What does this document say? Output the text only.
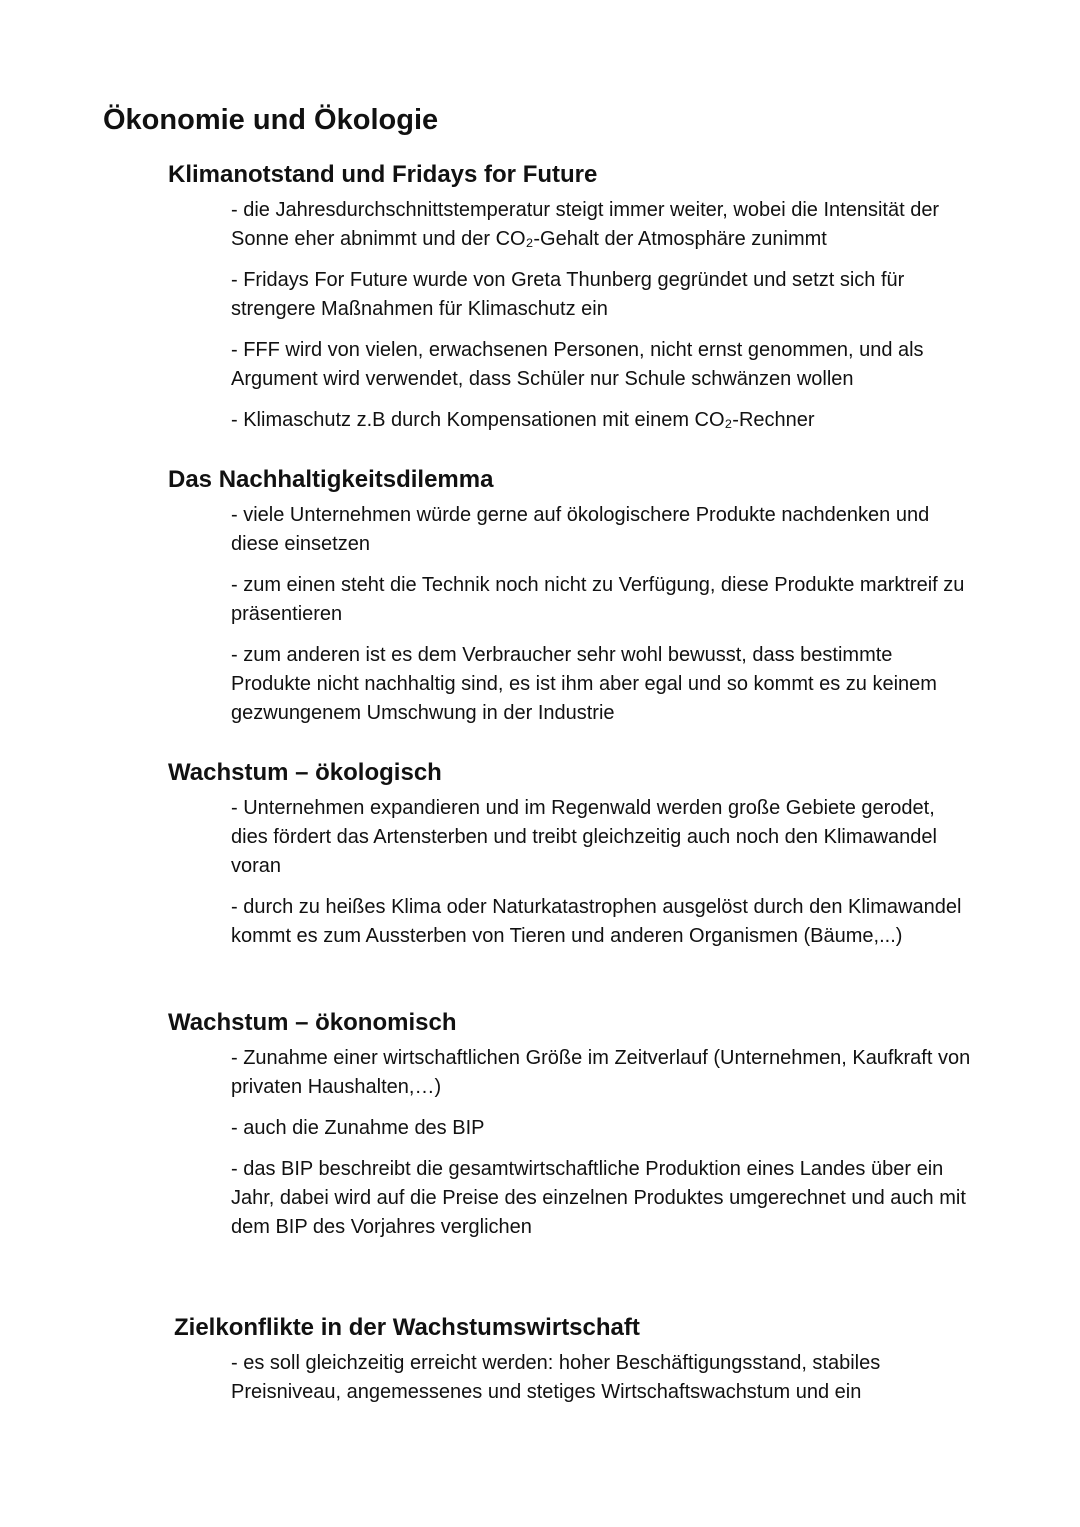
Ökonomie und Ökologie
Klimanotstand und Fridays for Future
- die Jahresdurchschnittstemperatur steigt immer weiter, wobei die Intensität der Sonne eher abnimmt und der CO₂-Gehalt der Atmosphäre zunimmt
- Fridays For Future wurde von Greta Thunberg gegründet und setzt sich für strengere Maßnahmen für Klimaschutz ein
- FFF wird von vielen, erwachsenen Personen, nicht ernst genommen, und als Argument wird verwendet, dass Schüler nur Schule schwänzen wollen
- Klimaschutz z.B durch Kompensationen mit einem CO₂-Rechner
Das Nachhaltigkeitsdilemma
- viele Unternehmen würde gerne auf ökologischere Produkte nachdenken und diese einsetzen
- zum einen steht die Technik noch nicht zu Verfügung, diese Produkte marktreif zu präsentieren
- zum anderen ist es dem Verbraucher sehr wohl bewusst, dass bestimmte Produkte nicht nachhaltig sind, es ist ihm aber egal und so kommt es zu keinem gezwungenem Umschwung in der Industrie
Wachstum – ökologisch
- Unternehmen expandieren und im Regenwald werden große Gebiete gerodet, dies fördert das Artensterben und treibt gleichzeitig auch noch den Klimawandel voran
- durch zu heißes Klima oder Naturkatastrophen ausgelöst durch den Klimawandel kommt es zum Aussterben von Tieren und anderen Organismen (Bäume,...)
Wachstum – ökonomisch
- Zunahme einer wirtschaftlichen Größe im Zeitverlauf (Unternehmen, Kaufkraft von privaten Haushalten,…)
- auch die Zunahme des BIP
- das BIP beschreibt die gesamtwirtschaftliche Produktion eines Landes über ein Jahr, dabei wird auf die Preise des einzelnen Produktes umgerechnet und auch mit dem BIP des Vorjahres verglichen
Zielkonflikte in der Wachstumswirtschaft
- es soll gleichzeitig erreicht werden: hoher Beschäftigungsstand, stabiles Preisniveau, angemessenes und stetiges Wirtschaftswachstum und ein
